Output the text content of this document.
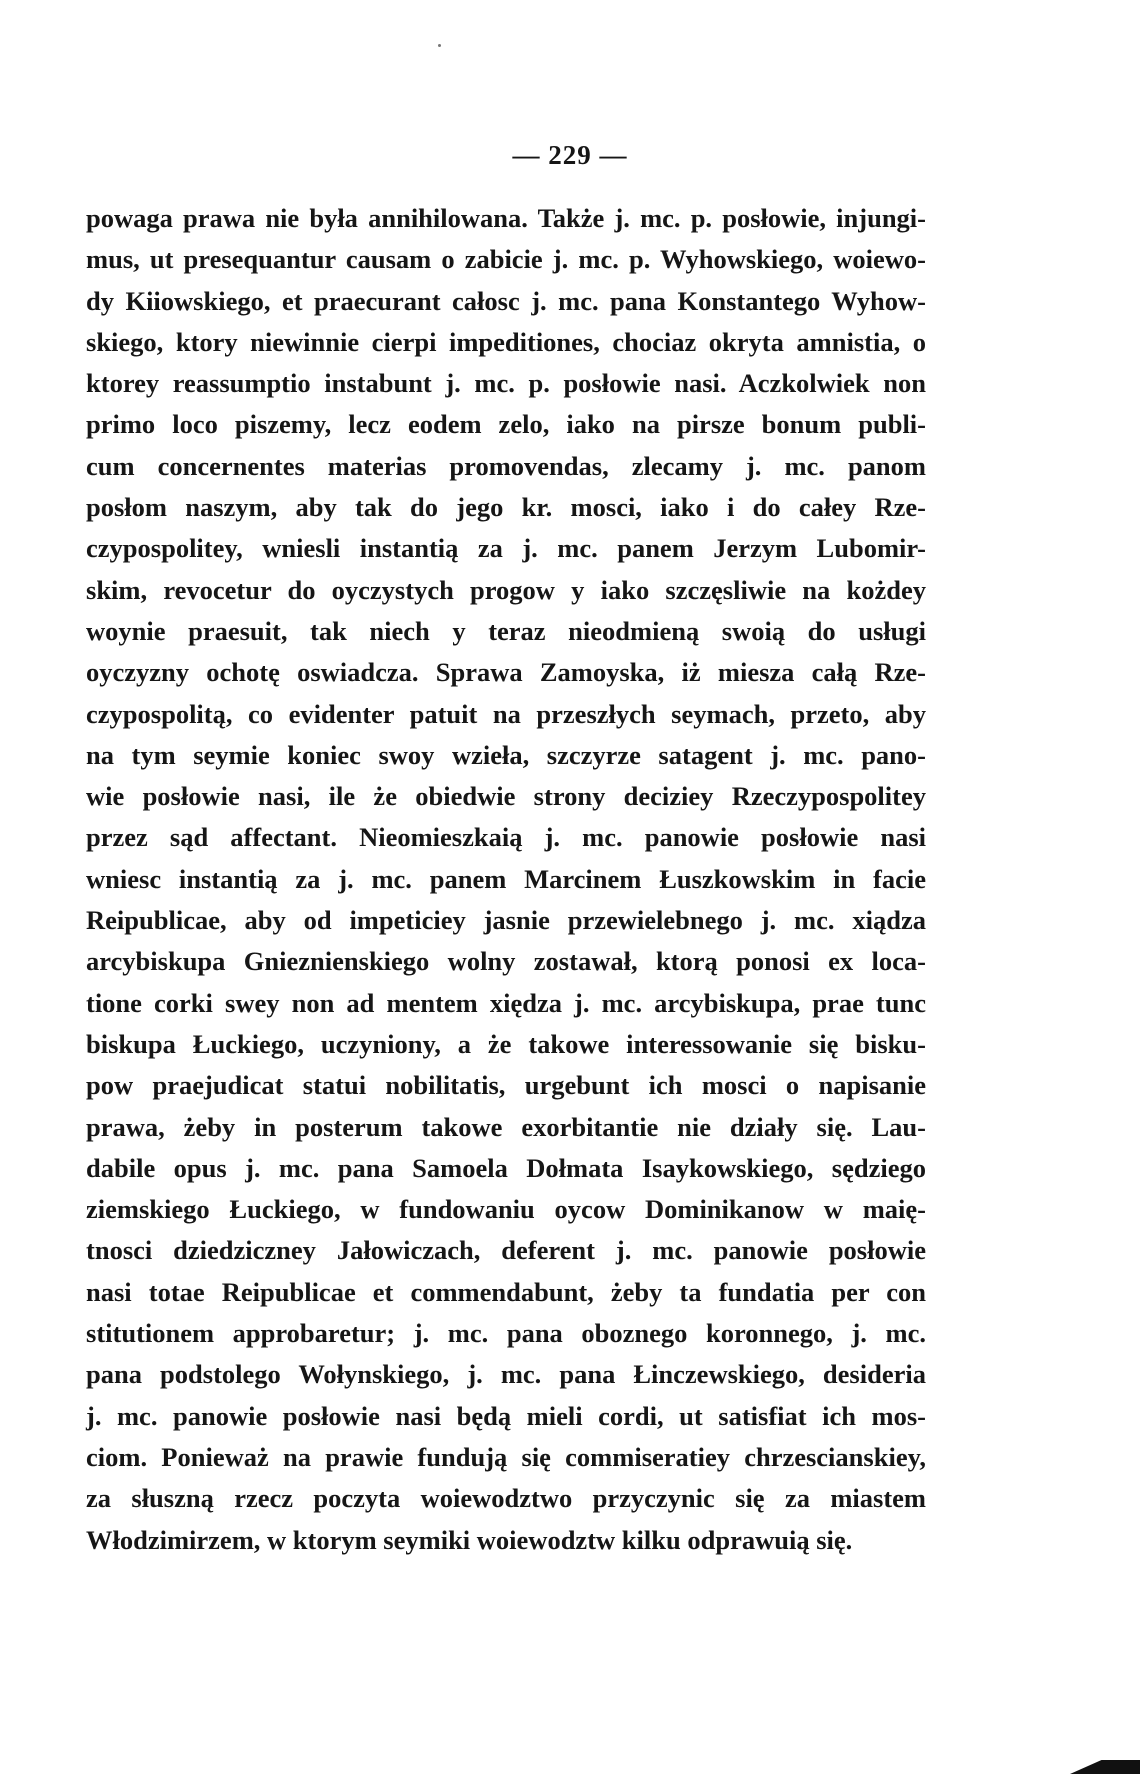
— 229 —
powaga prawa nie była annihilowana. Także j. mc. p. posłowie, injungi-
mus, ut presequantur causam o zabicie j. mc. p. Wyhowskiego, woiewo-
dy Kiiowskiego, et praecurant całosc j. mc. pana Konstantego Wyhow-
skiego, ktory niewinnie cierpi impeditiones, chociaz okryta amnistia, o
ktorey reassumptio instabunt j. mc. p. posłowie nasi. Aczkolwiek non
primo loco piszemy, lecz eodem zelo, iako na pirsze bonum publi-
cum concernentes materias promovendas, zlecamy j. mc. panom
posłom naszym, aby tak do jego kr. mosci, iako i do całey Rze-
czypospolitey, wniesli instantią za j. mc. panem Jerzym Lubomir-
skim, revocetur do oyczystych progow y iako szczęsliwie na kożdey
woynie praesuit, tak niech y teraz nieodmieną swoią do usługi
oyczyzny ochotę oswiadcza. Sprawa Zamoyska, iż miesza całą Rze-
czypospolitą, co evidenter patuit na przeszłych seymach, przeto, aby
na tym seymie koniec swoy wzieła, szczyrze satagent j. mc. pano-
wie posłowie nasi, ile że obiedwie strony deciziey Rzeczypospolitey
przez sąd affectant. Nieomieszkaią j. mc. panowie posłowie nasi
wniesc instantią za j. mc. panem Marcinem Łuszkowskim in facie
Reipublicae, aby od impeticiey jasnie przewielebnego j. mc. xiądza
arcybiskupa Gnieznienskiego wolny zostawał, ktorą ponosi ex loca-
tione corki swey non ad mentem xiędza j. mc. arcybiskupa, prae tunc
biskupa Łuckiego, uczyniony, a że takowe interessowanie się bisku-
pow praejudicat statui nobilitatis, urgebunt ich mosci o napisanie
prawa, żeby in posterum takowe exorbitantie nie działy się. Lau-
dabile opus j. mc. pana Samoela Dołmata Isaykowskiego, sędziego
ziemskiego Łuckiego, w fundowaniu oycow Dominikanow w maię-
tnosci dziedziczney Jałowiczach, deferent j. mc. panowie posłowie
nasi totae Reipublicae et commendabunt, żeby ta fundatia per con
stitutionem approbaretur; j. mc. pana oboznego koronnego, j. mc.
pana podstolego Wołynskiego, j. mc. pana Łinczewskiego, desideria
j. mc. panowie posłowie nasi będą mieli cordi, ut satisfiat ich mos-
ciom. Ponieważ na prawie fundują się commiseratiey chrzescianskiey,
za słuszną rzecz poczyta woiewodztwo przyczynic się za miastem
Włodzimirzem, w ktorym seymiki woiewodztw kilku odprawuią się.
